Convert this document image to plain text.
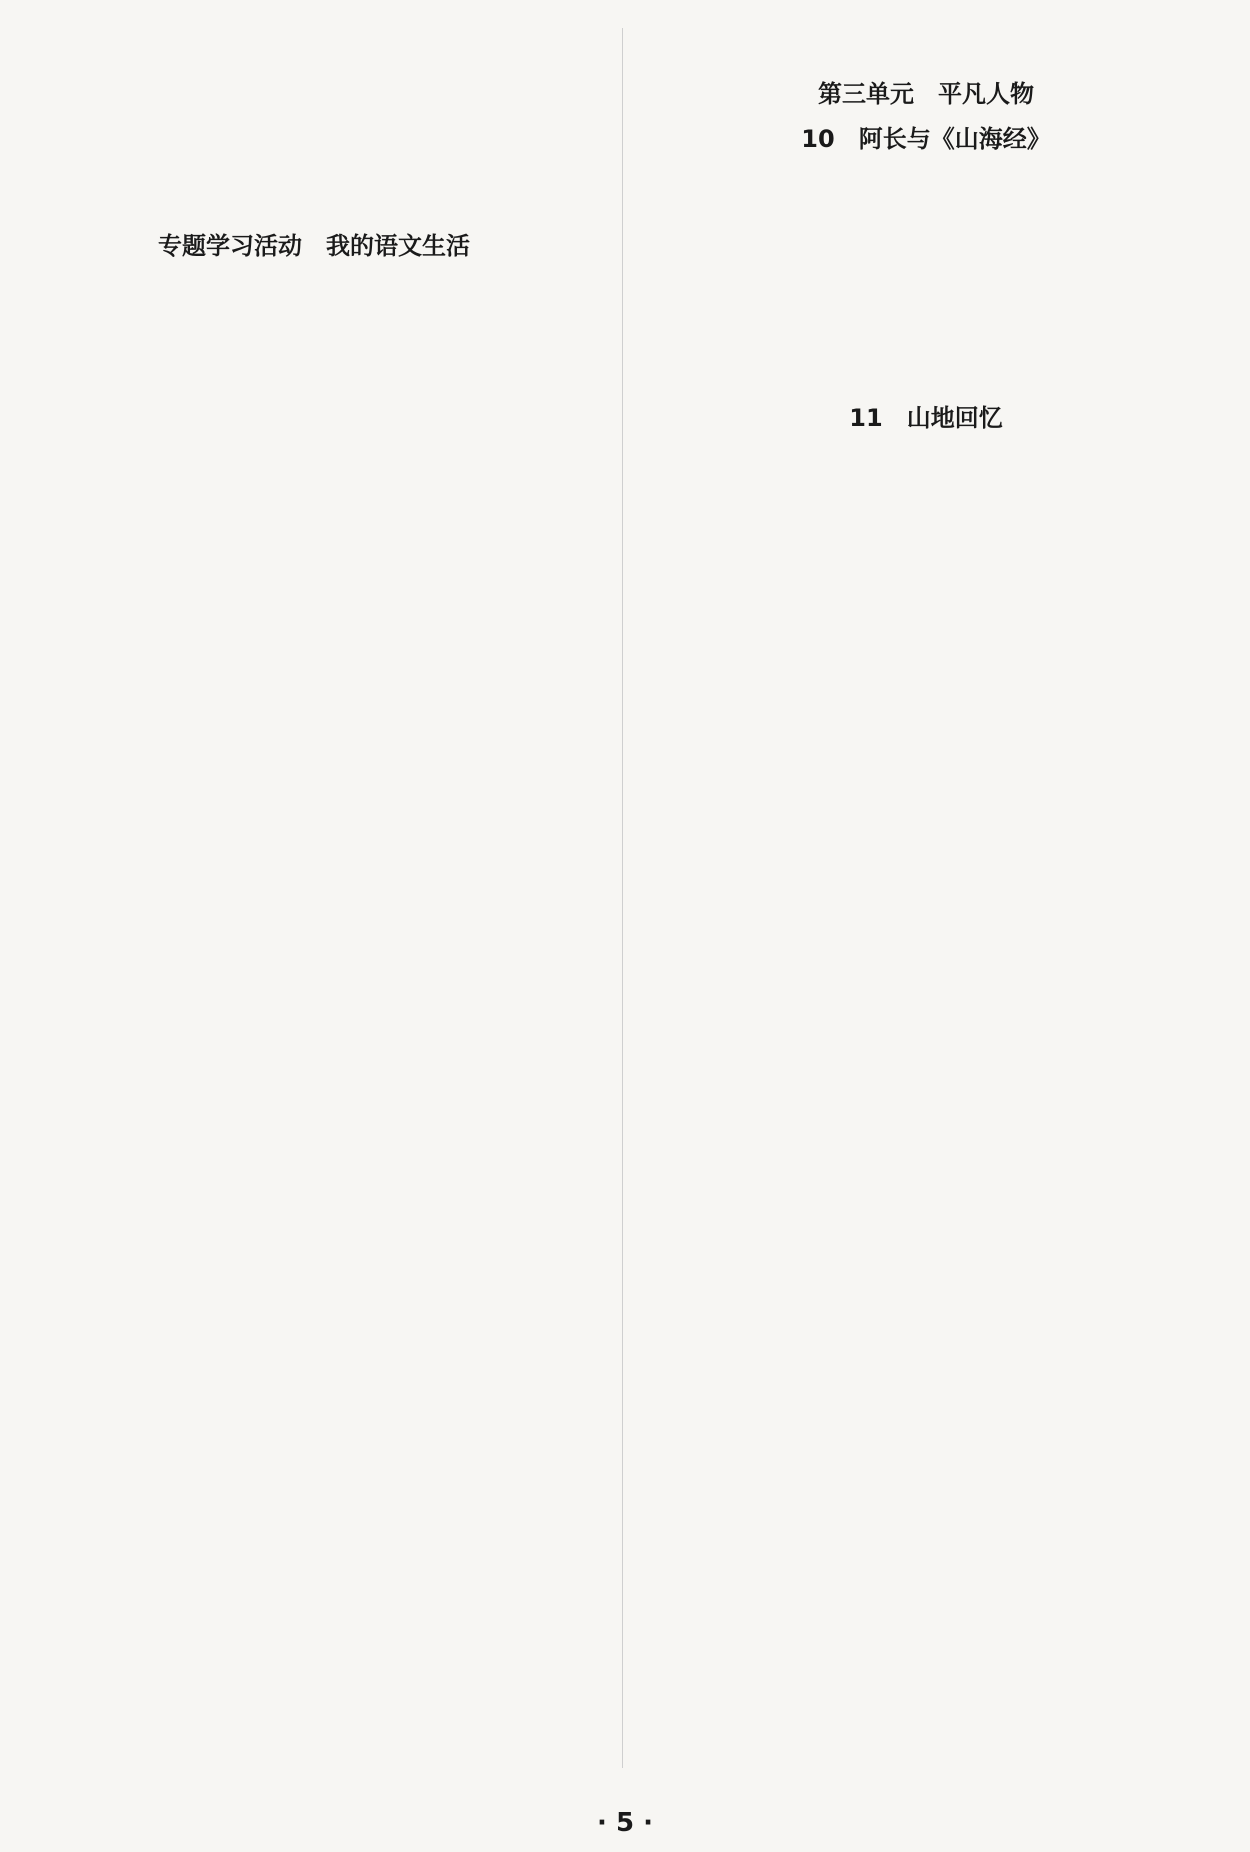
专题学习活动　我的语文生活

第三单元　平凡人物
10　阿长与《山海经》

11　山地回忆

· 5 ·
